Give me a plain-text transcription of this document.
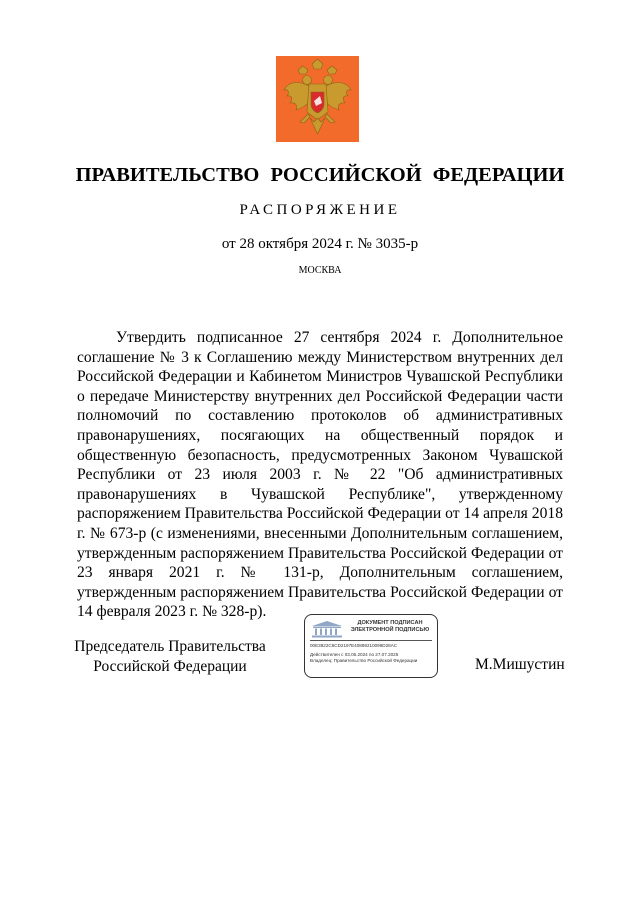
ПРАВИТЕЛЬСТВО РОССИЙСКОЙ ФЕДЕРАЦИИ
РАСПОРЯЖЕНИЕ
от 28 октября 2024 г. № 3035-р
МОСКВА
Утвердить подписанное 27 сентября 2024 г. Дополнительное соглашение № 3 к Соглашению между Министерством внутренних дел Российской Федерации и Кабинетом Министров Чувашской Республики о передаче Министерству внутренних дел Российской Федерации части полномочий по составлению протоколов об административных правонарушениях, посягающих на общественный порядок и общественную безопасность, предусмотренных Законом Чувашской Республики от 23 июля 2003 г. № 22 "Об административных правонарушениях в Чувашской Республике", утвержденному распоряжением Правительства Российской Федерации от 14 апреля 2018 г. № 673-р (с изменениями, внесенными Дополнительным соглашением, утвержденным распоряжением Правительства Российской Федерации от 23 января 2021 г. № 131-р, Дополнительным соглашением, утвержденным распоряжением Правительства Российской Федерации от 14 февраля 2023 г. № 328-р).
Председатель Правительства
Российской Федерации
ДОКУМЕНТ ПОДПИСАН
ЭЛЕКТРОННОЙ ПОДПИСЬЮ
00E3822C6CD2197E40889210099D28AC
Действителен с 03.05.2024 по 27.07.2025
Владелец: Правительство Российской Федерации	М.Мишустин
